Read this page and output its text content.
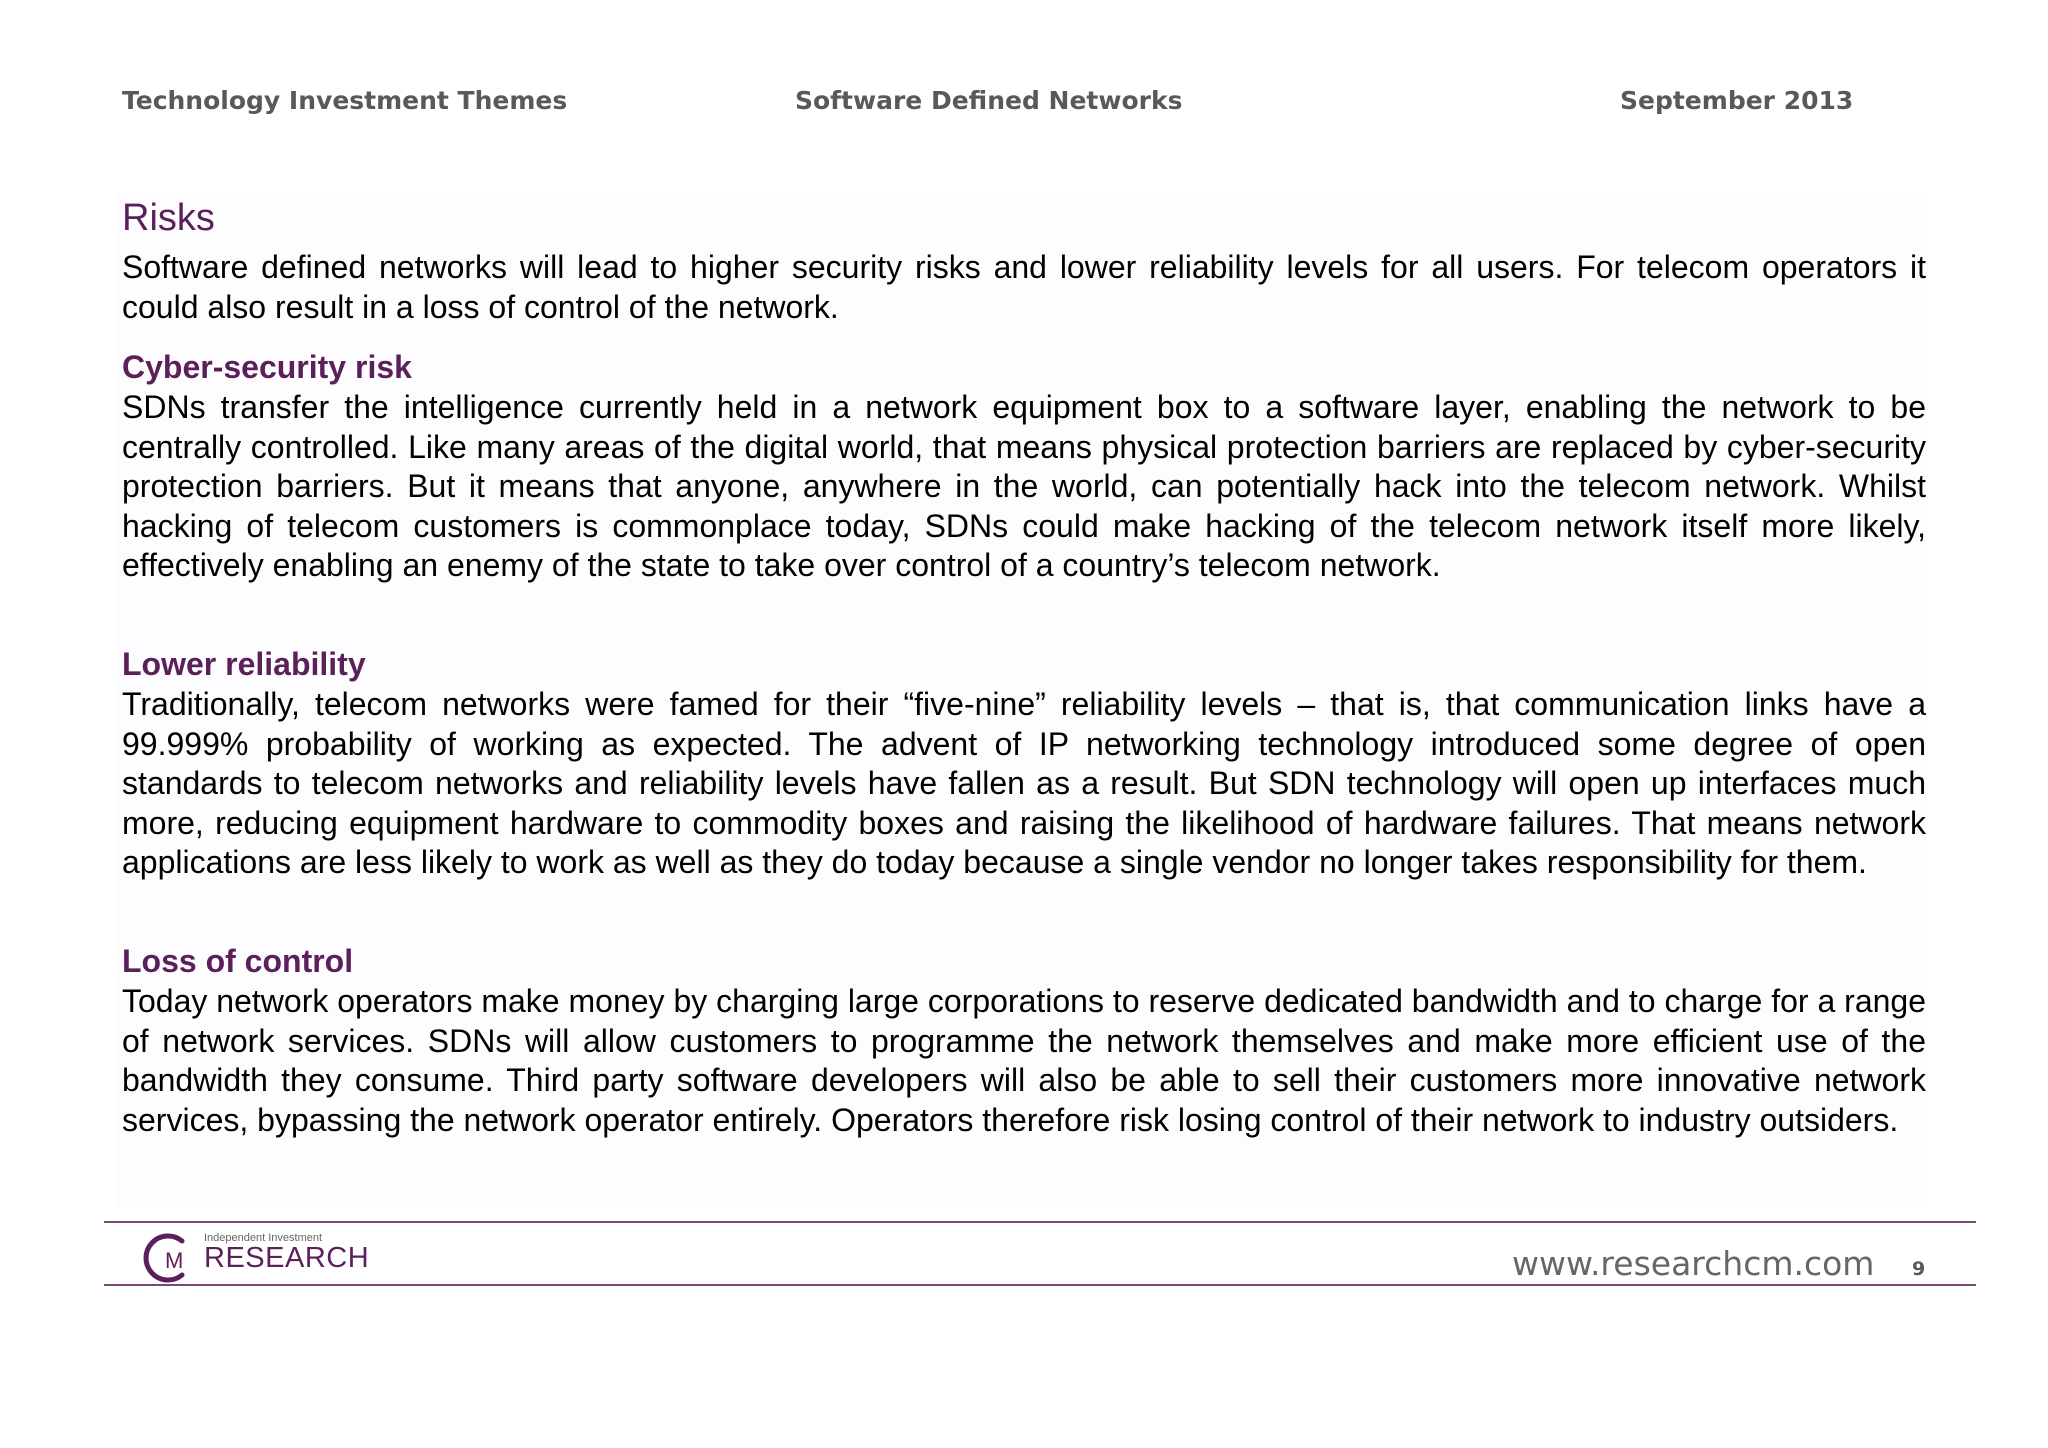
Technology Investment Themes	Software Defined Networks	September 2013
Risks

Software defined networks will lead to higher security risks and lower reliability levels for all users. For telecom operators it could also result in a loss of control of the network.

Cyber-security risk

SDNs transfer the intelligence currently held in a network equipment box to a software layer, enabling the network to be centrally controlled. Like many areas of the digital world, that means physical protection barriers are replaced by cyber-security protection barriers. But it means that anyone, anywhere in the world, can potentially hack into the telecom network. Whilst hacking of telecom customers is commonplace today, SDNs could make hacking of the telecom network itself more likely, effectively enabling an enemy of the state to take over control of a country’s telecom network.

Lower reliability

Traditionally, telecom networks were famed for their “five-nine” reliability levels – that is, that communication links have a 99.999% probability of working as expected. The advent of IP networking technology introduced some degree of open standards to telecom networks and reliability levels have fallen as a result. But SDN technology will open up interfaces much more, reducing equipment hardware to commodity boxes and raising the likelihood of hardware failures. That means network applications are less likely to work as well as they do today because a single vendor no longer takes responsibility for them.

Loss of control

Today network operators make money by charging large corporations to reserve dedicated bandwidth and to charge for a range of network services. SDNs will allow customers to programme the network themselves and make more efficient use of the bandwidth they consume. Third party software developers will also be able to sell their customers more innovative network services, bypassing the network operator entirely. Operators therefore risk losing control of their network to industry outsiders.

M
Independent Investment
RESEARCH	www.researchcm.com 9
